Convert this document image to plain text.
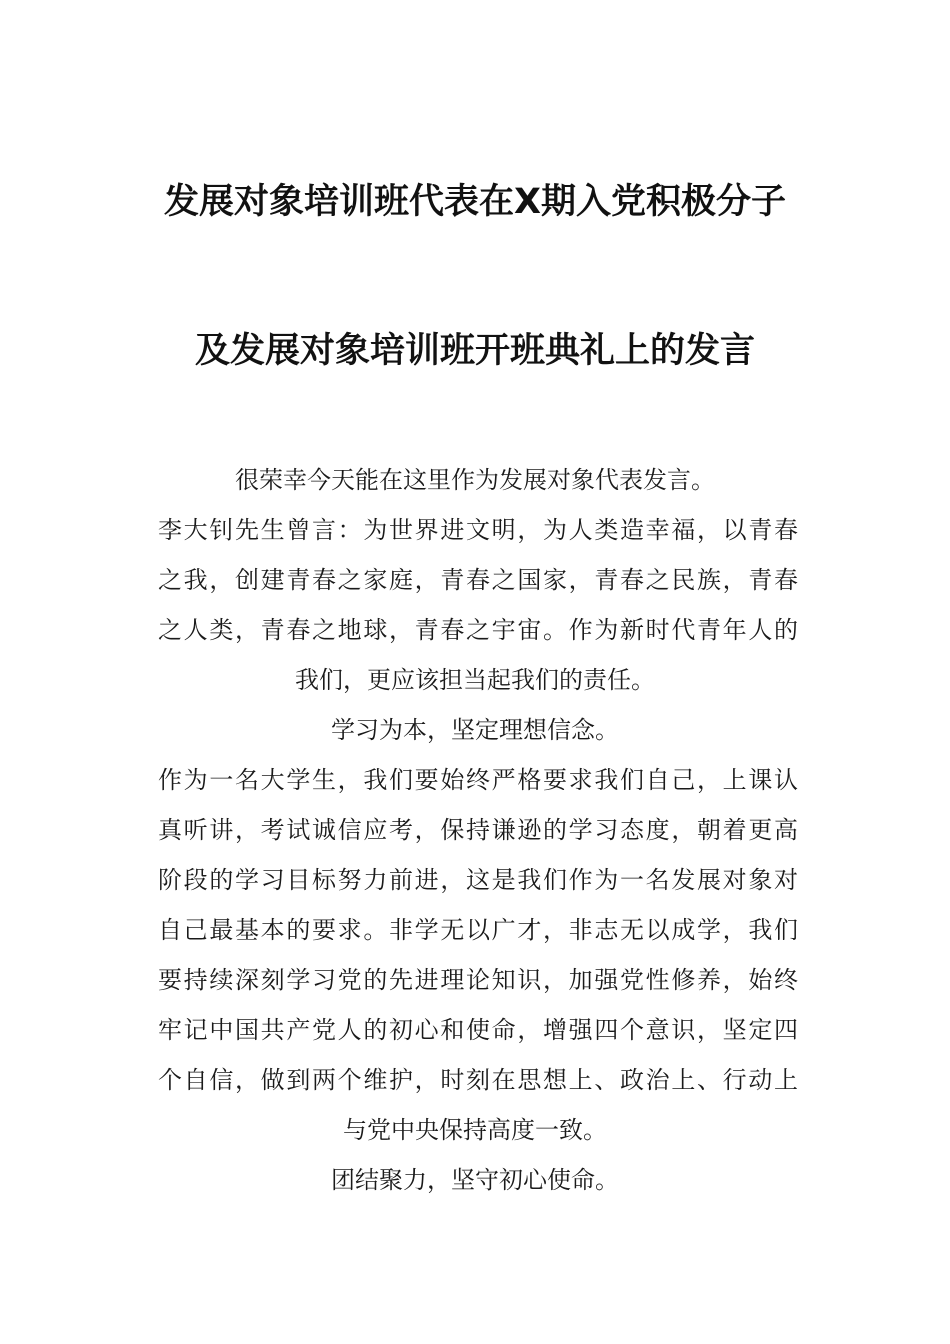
发展对象培训班代表在X期入党积极分子
及发展对象培训班开班典礼上的发言
很荣幸今天能在这里作为发展对象代表发言。
李大钊先生曾言：为世界进文明，为人类造幸福，以青春
之我，创建青春之家庭，青春之国家，青春之民族，青春
之人类，青春之地球，青春之宇宙。作为新时代青年人的
我们，更应该担当起我们的责任。
学习为本，坚定理想信念。
作为一名大学生，我们要始终严格要求我们自己，上课认
真听讲，考试诚信应考，保持谦逊的学习态度，朝着更高
阶段的学习目标努力前进，这是我们作为一名发展对象对
自己最基本的要求。非学无以广才，非志无以成学，我们
要持续深刻学习党的先进理论知识，加强党性修养，始终
牢记中国共产党人的初心和使命，增强四个意识，坚定四
个自信，做到两个维护，时刻在思想上、政治上、行动上
与党中央保持高度一致。
团结聚力，坚守初心使命。
